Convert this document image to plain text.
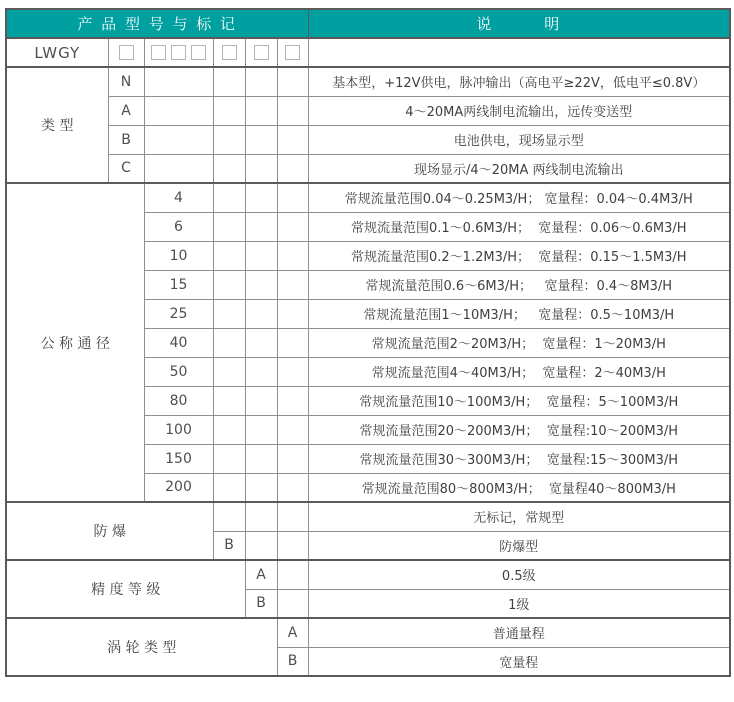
产 品 型 号 与 标 记						说　　　明
LWGY						
类 型	N					基本型，+12V供电，脉冲输出（高电平≥22V，低电平≤0.8V）
	A					4～20MA两线制电流输出，远传变送型
	B					电池供电，现场显示型
	C					现场显示/4～20MA 两线制电流输出
公 称 通 径		4				常规流量范围0.04～0.25M3/H； 宽量程：0.04～0.4M3/H
		6				常规流量范围0.1～0.6M3/H；  宽量程：0.06～0.6M3/H
		10				常规流量范围0.2～1.2M3/H；  宽量程：0.15～1.5M3/H
		15				常规流量范围0.6～6M3/H；   宽量程：0.4～8M3/H
		25				常规流量范围1～10M3/H；   宽量程：0.5～10M3/H
		40				常规流量范围2～20M3/H；  宽量程：1～20M3/H
		50				常规流量范围4～40M3/H；  宽量程：2～40M3/H
		80				常规流量范围10～100M3/H；  宽量程：5～100M3/H
		100				常规流量范围20～200M3/H；  宽量程:10～200M3/H
		150				常规流量范围30～300M3/H；  宽量程:15～300M3/H
		200				常规流量范围80～800M3/H；  宽量程40～800M3/H
防 爆						无标记，常规型
			B			防爆型
精 度 等 级				A		0.5级
				B		1级
涡 轮 类 型					A	普通量程
					B	宽量程
